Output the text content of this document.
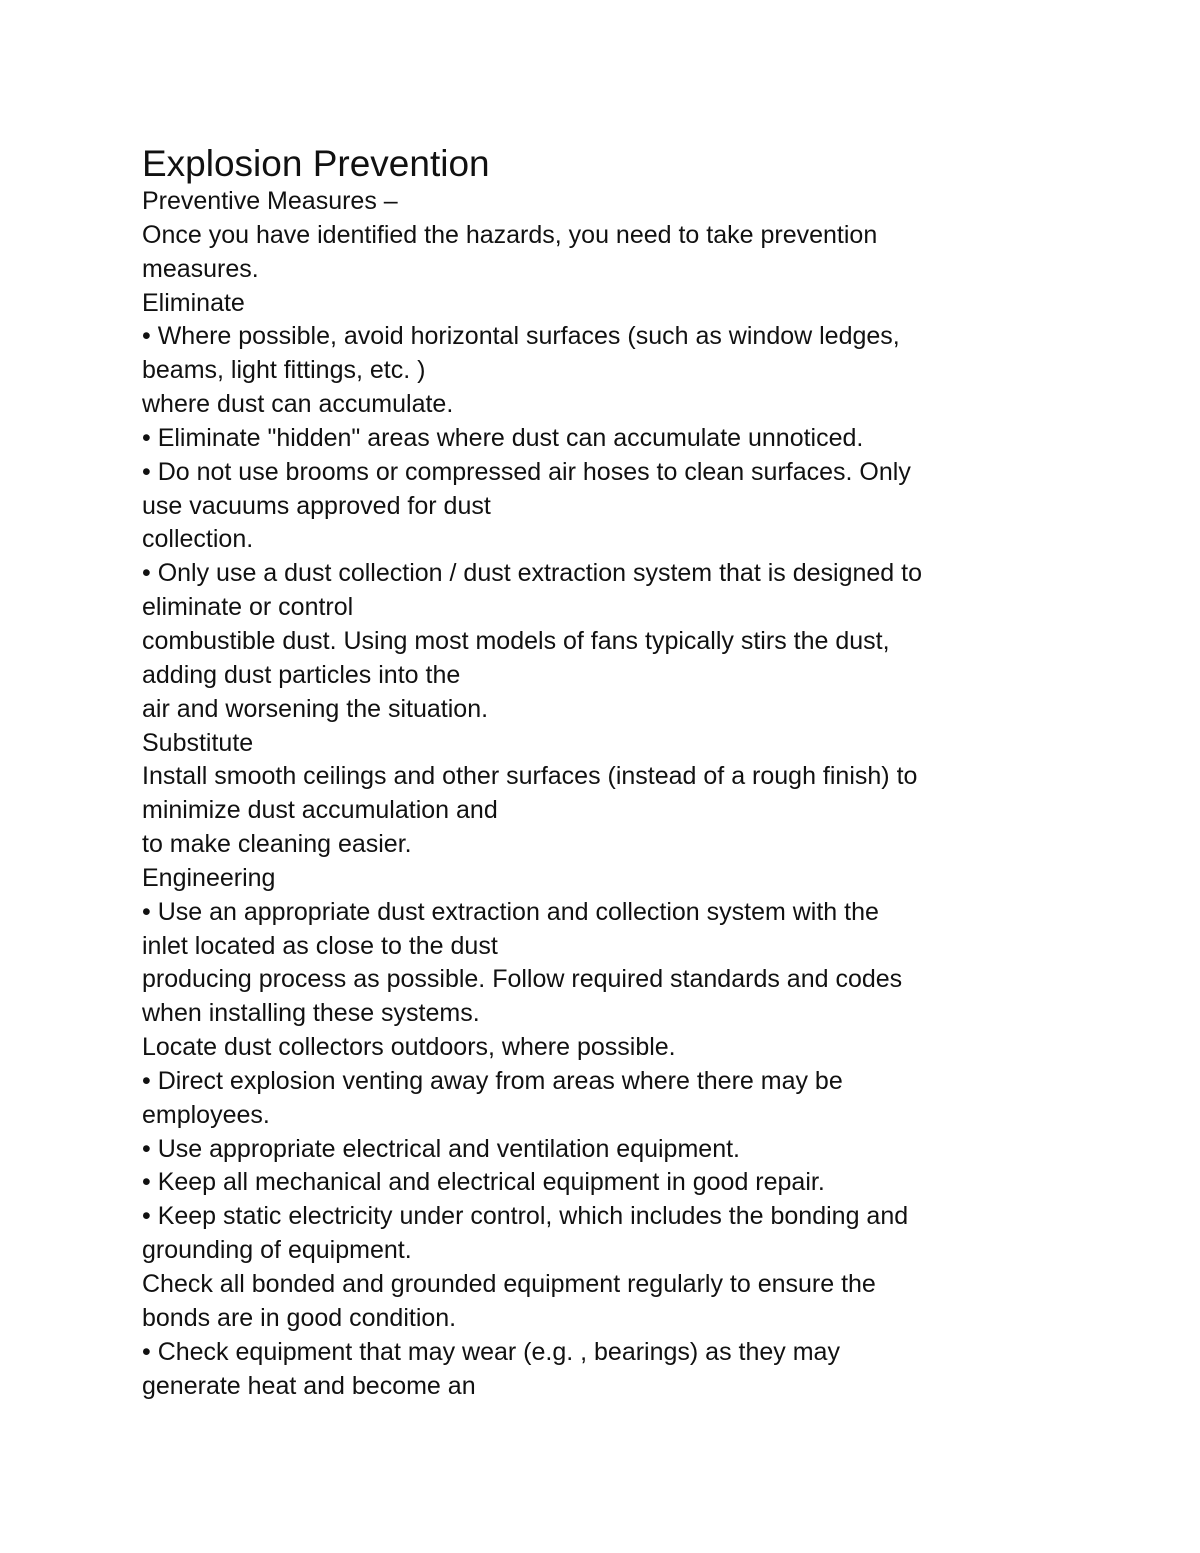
Explosion Prevention

Preventive Measures –

Once you have identified the hazards, you need to take prevention

measures.

Eliminate

• Where possible, avoid horizontal surfaces (such as window ledges,

beams, light fittings, etc. )

where dust can accumulate.

• Eliminate "hidden" areas where dust can accumulate unnoticed.

• Do not use brooms or compressed air hoses to clean surfaces. Only

use vacuums approved for dust

collection.

• Only use a dust collection / dust extraction system that is designed to

eliminate or control

combustible dust. Using most models of fans typically stirs the dust,

adding dust particles into the

air and worsening the situation.

Substitute

Install smooth ceilings and other surfaces (instead of a rough finish) to

minimize dust accumulation and

to make cleaning easier.

Engineering

• Use an appropriate dust extraction and collection system with the

inlet located as close to the dust

producing process as possible. Follow required standards and codes

when installing these systems.

Locate dust collectors outdoors, where possible.

• Direct explosion venting away from areas where there may be

employees.

• Use appropriate electrical and ventilation equipment.

• Keep all mechanical and electrical equipment in good repair.

• Keep static electricity under control, which includes the bonding and

grounding of equipment.

Check all bonded and grounded equipment regularly to ensure the

bonds are in good condition.

• Check equipment that may wear (e.g. , bearings) as they may

generate heat and become an
